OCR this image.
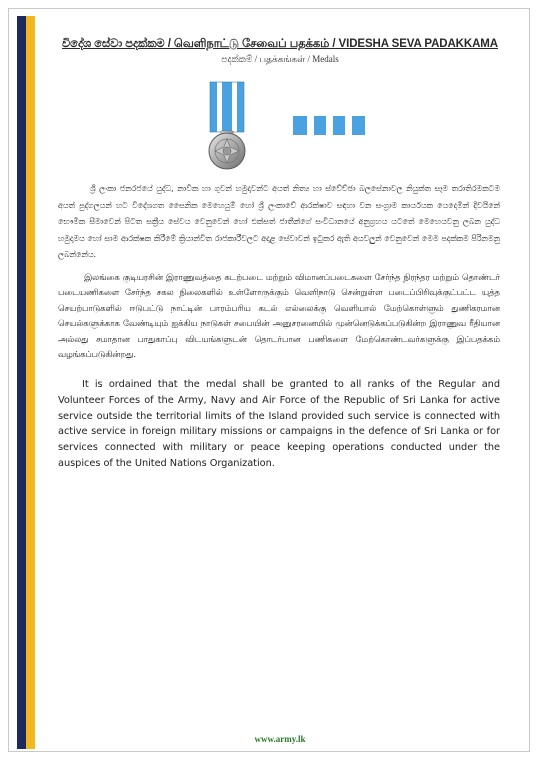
විදේශ සේවා පදක්කම / வெளிநாட்டு சேவைப் பதக்கம் / VIDESHA SEVA PADAKKAMA
පදක්කම් / பதக்கங்கள் / Medals

ශ්‍රී ලංකා ජනරජයේ යුද්ධ, නාවික හා ගුවන් හමුදාවන්ට අයත් නිත්‍ය හා ස්වේච්ඡා බලසේනාවල නියුක්ත සෑම තරාතිරමකටම අයත් පුද්ගලයන් හට විදේශගත සෛනික මෙහෙයුම් හෝ ශ්‍රී ලංකාවේ ආරක්ෂාව සඳහා වන සංග්‍රාම කාර්යයක යෙදෙමින් දිවයිනේ භෞමික සීමාවෙන් පිටත සක්‍රීය සේවය වෙනුවෙන් හෝ එක්සත් ජාතීන්ගේ සංවිධානයේ අනුග්‍රහය යටතේ මෙහෙයවනු ලබන යුද්ධ හමුදාමය හෝ සාම ආරක්ෂක කිරීමේ ක්‍රියාන්විත රාජකාරීවලට අදාළ සේවාවන් ඉටුකර ඇති අයවලුන් වෙනුවෙන් මෙම පදක්කම පිරිනමනු ලබන්නේය.

இலங்கை குடியரசின் இராணுவத்தை கடற்படை மற்றும் விமானப்படைகளை சேர்ந்த நிரந்தர மற்றும் தொண்டர் படையணிகளை சேர்ந்த சகல நிலைகளில் உள்ளோருக்கும் வெளிநாடு சென்றுள்ள படைப்பிரிவுக்குட்பட்ட யுத்த செயற்பாடுகளில் ஈடுபட்டு நாட்டின் பாரம்பரிய கடல் எல்லைக்கு வெளியால் மேற்கொள்ளும் துணிகரமான செயல்களுக்காக வேண்டியும் ஐக்கிய நாடுகள் சபையின் அனுசரனையில் முன்னெடுக்கப்படுகின்ற இராணுவ ரீதியான அல்லது சமாதான பாதுகாப்பு விடயங்களுடன் தொடர்பான பணிகளை மேற்கொண்டவர்களுக்கு இப்பதக்கம் வழங்கப்படுகின்றது.

It is ordained that the medal shall be granted to all ranks of the Regular and Volunteer Forces of the Army, Navy and Air Force of the Republic of Sri Lanka for active service outside the territorial limits of the Island provided such service is connected with active service in foreign military missions or campaigns in the defence of Sri Lanka or for services connected with military or peace keeping operations conducted under the auspices of the United Nations Organization.

www.army.lk
